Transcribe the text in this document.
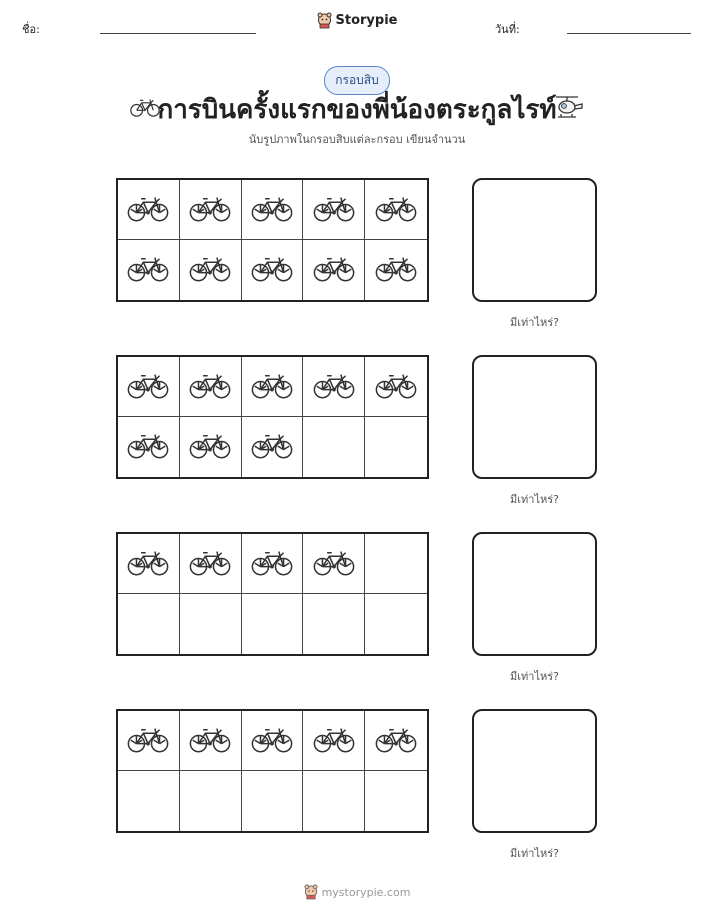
ชื่อ:
Storypie
วันที่:
กรอบสิบ
การบินครั้งแรกของพี่น้องตระกูลไรท์
นับรูปภาพในกรอบสิบแต่ละกรอบ เขียนจำนวน
มีเท่าไหร่?
มีเท่าไหร่?
มีเท่าไหร่?
มีเท่าไหร่?
mystorypie.com
